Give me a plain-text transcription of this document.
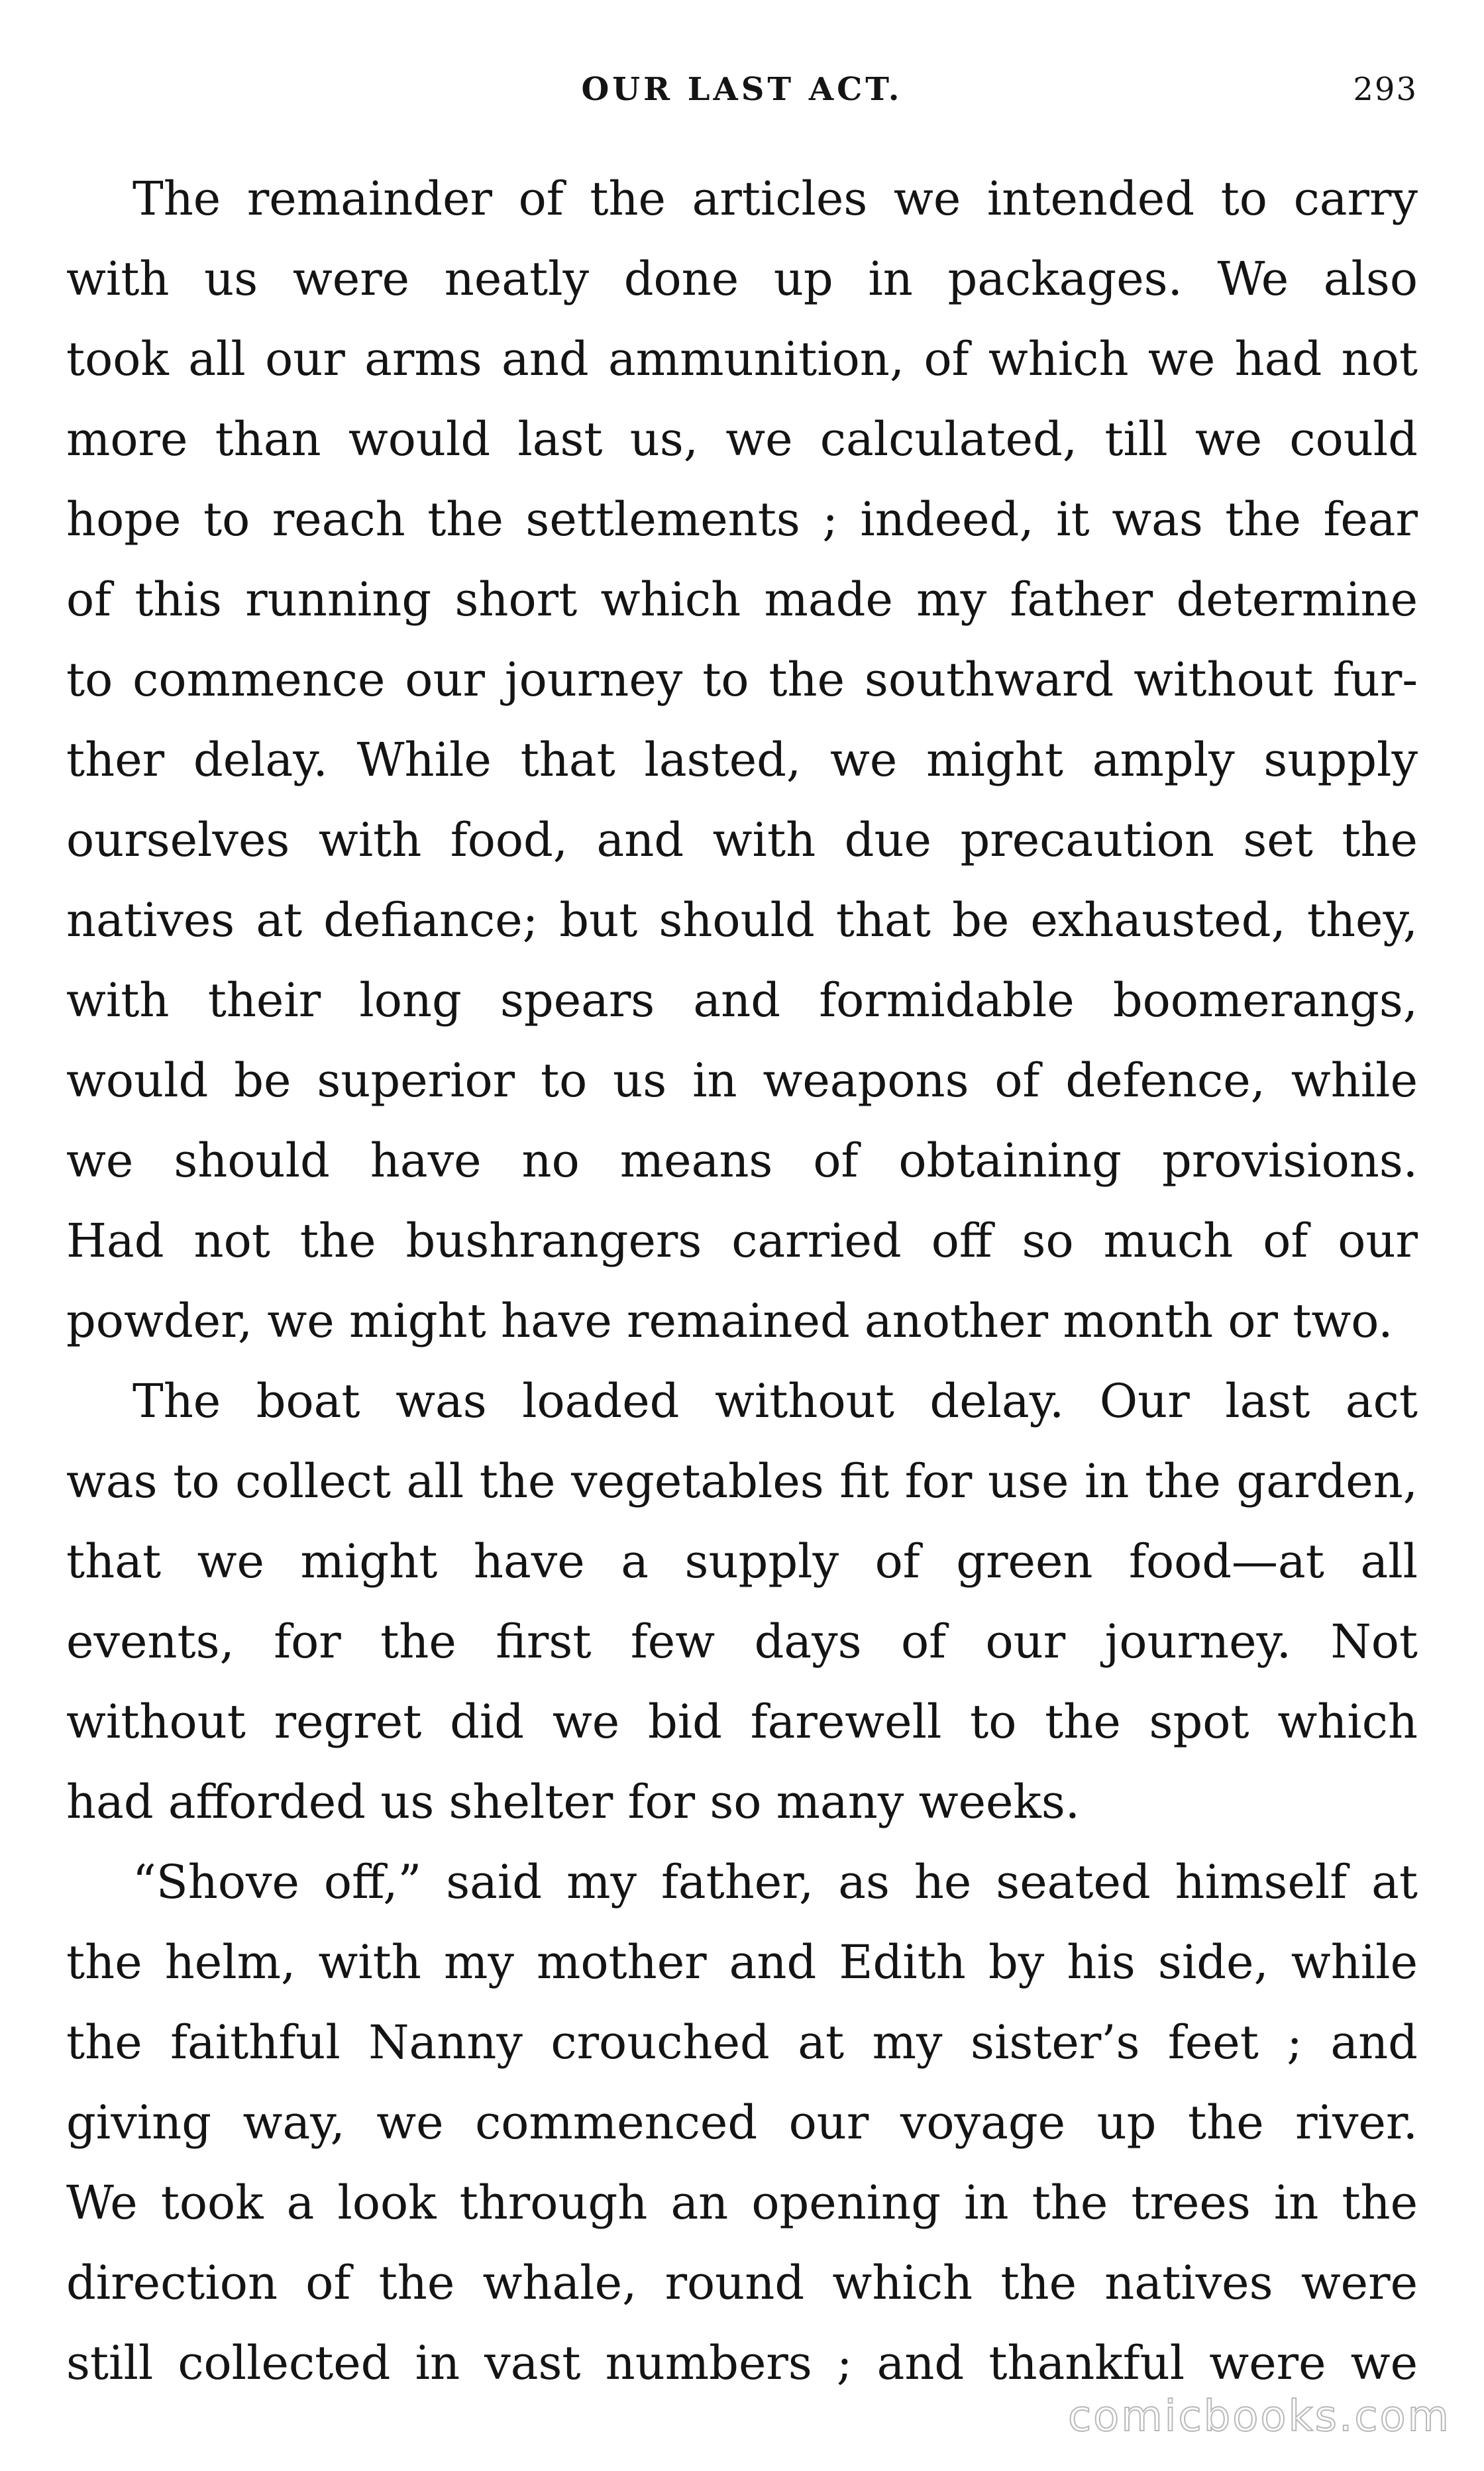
OUR LAST ACT.	293
The remainder of the articles we intended to carry
with us were neatly done up in packages. We also
took all our arms and ammunition, of which we had not
more than would last us, we calculated, till we could
hope to reach the settlements ; indeed, it was the fear
of this running short which made my father determine
to commence our journey to the southward without fur-
ther delay. While that lasted, we might amply supply
ourselves with food, and with due precaution set the
natives at defiance; but should that be exhausted, they,
with their long spears and formidable boomerangs,
would be superior to us in weapons of defence, while
we should have no means of obtaining provisions.
Had not the bushrangers carried off so much of our
powder, we might have remained another month or two.
The boat was loaded without delay. Our last act
was to collect all the vegetables fit for use in the garden,
that we might have a supply of green food—at all
events, for the first few days of our journey. Not
without regret did we bid farewell to the spot which
had afforded us shelter for so many weeks.
“Shove off,” said my father, as he seated himself at
the helm, with my mother and Edith by his side, while
the faithful Nanny crouched at my sister’s feet ; and
giving way, we commenced our voyage up the river.
We took a look through an opening in the trees in the
direction of the whale, round which the natives were
still collected in vast numbers ; and thankful were we
comicbooks.com
